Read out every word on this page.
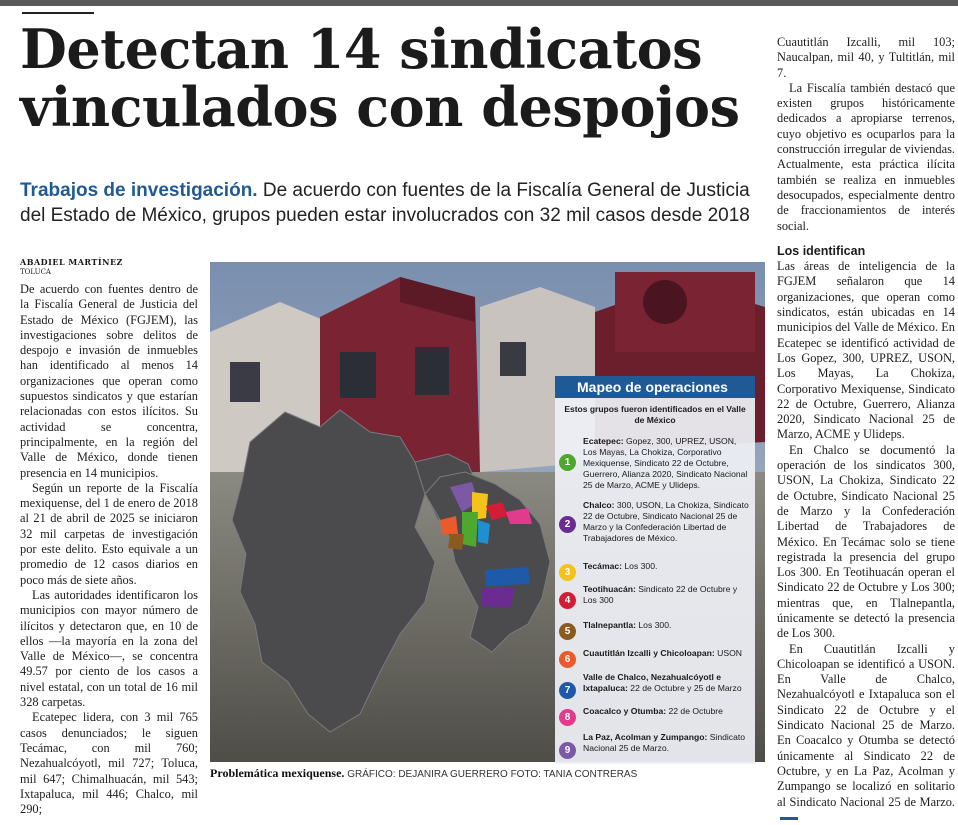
Detectan 14 sindicatos vinculados con despojos
Trabajos de investigación. De acuerdo con fuentes de la Fiscalía General de Justicia del Estado de México, grupos pueden estar involucrados con 32 mil casos desde 2018
ABADIEL MARTÍNEZ
TOLUCA

De acuerdo con fuentes dentro de la Fiscalía General de Justicia del Estado de México (FGJEM), las investigaciones sobre delitos de despojo e invasión de inmuebles han identificado al menos 14 organizaciones que operan como supuestos sindicatos y que estarían relacionadas con estos ilícitos. Su actividad se concentra, principalmente, en la región del Valle de México, donde tienen presencia en 14 municipios.

Según un reporte de la Fiscalía mexiquense, del 1 de enero de 2018 al 21 de abril de 2025 se iniciaron 32 mil carpetas de investigación por este delito. Esto equivale a un promedio de 12 casos diarios en poco más de siete años.

Las autoridades identificaron los municipios con mayor número de ilícitos y detectaron que, en 10 de ellos —la mayoría en la zona del Valle de México—, se concentra 49.57 por ciento de los casos a nivel estatal, con un total de 16 mil 328 carpetas.

Ecatepec lidera, con 3 mil 765 casos denunciados; le siguen Tecámac, con mil 760; Nezahualcóyotl, mil 727; Toluca, mil 647; Chimalhuacán, mil 543; Ixtapaluca, mil 446; Chalco, mil 290;

Mapeo de operaciones
Estos grupos fueron identificados en el Valle de México
1
Ecatepec: Gopez, 300, UPREZ, USON, Los Mayas, La Chokiza, Corporativo Mexiquense, Sindicato 22 de Octubre, Guerrero, Alianza 2020, Sindicato Nacional 25 de Marzo, ACME y Ulideps.
2
Chalco: 300, USON, La Chokiza, Sindicato 22 de Octubre, Sindicato Nacional 25 de Marzo y la Confederación Libertad de Trabajadores de México.
3
Tecámac: Los 300.
4
Teotihuacán: Sindicato 22 de Octubre y Los 300
5
Tlalnepantla: Los 300.
6
Cuautitlán Izcalli y Chicoloapan: USON
7
Valle de Chalco, Nezahualcóyotl e Ixtapaluca: 22 de Octubre y 25 de Marzo
8
Coacalco y Otumba: 22 de Octubre
9
La Paz, Acolman y Zumpango: Sindicato Nacional 25 de Marzo.
Problemática mexiquense. GRÁFICO: DEJANIRA GUERRERO FOTO: TANIA CONTRERAS

Cuautitlán Izcalli, mil 103; Naucalpan, mil 40, y Tultitlán, mil 7.

La Fiscalía también destacó que existen grupos históricamente dedicados a apropiarse terrenos, cuyo objetivo es ocuparlos para la construcción irregular de viviendas. Actualmente, esta práctica ilícita también se realiza en inmuebles desocupados, especialmente dentro de fraccionamientos de interés social.

Los identifican

Las áreas de inteligencia de la FGJEM señalaron que 14 organizaciones, que operan como sindicatos, están ubicadas en 14 municipios del Valle de México. En Ecatepec se identificó actividad de Los Gopez, 300, UPREZ, USON, Los Mayas, La Chokiza, Corporativo Mexiquense, Sindicato 22 de Octubre, Guerrero, Alianza 2020, Sindicato Nacional 25 de Marzo, ACME y Ulideps.

En Chalco se documentó la operación de los sindicatos 300, USON, La Chokiza, Sindicato 22 de Octubre, Sindicato Nacional 25 de Marzo y la Confederación Libertad de Trabajadores de México. En Tecámac solo se tiene registrada la presencia del grupo Los 300. En Teotihuacán operan el Sindicato 22 de Octubre y Los 300; mientras que, en Tlalnepantla, únicamente se detectó la presencia de Los 300.

En Cuautitlán Izcalli y Chicoloapan se identificó a USON. En Valle de Chalco, Nezahualcóyotl e Ixtapaluca son el Sindicato 22 de Octubre y el Sindicato Nacional 25 de Marzo. En Coacalco y Otumba se detectó únicamente al Sindicato 22 de Octubre, y en La Paz, Acolman y Zumpango se localizó en solitario al Sindicato Nacional 25 de Marzo.
